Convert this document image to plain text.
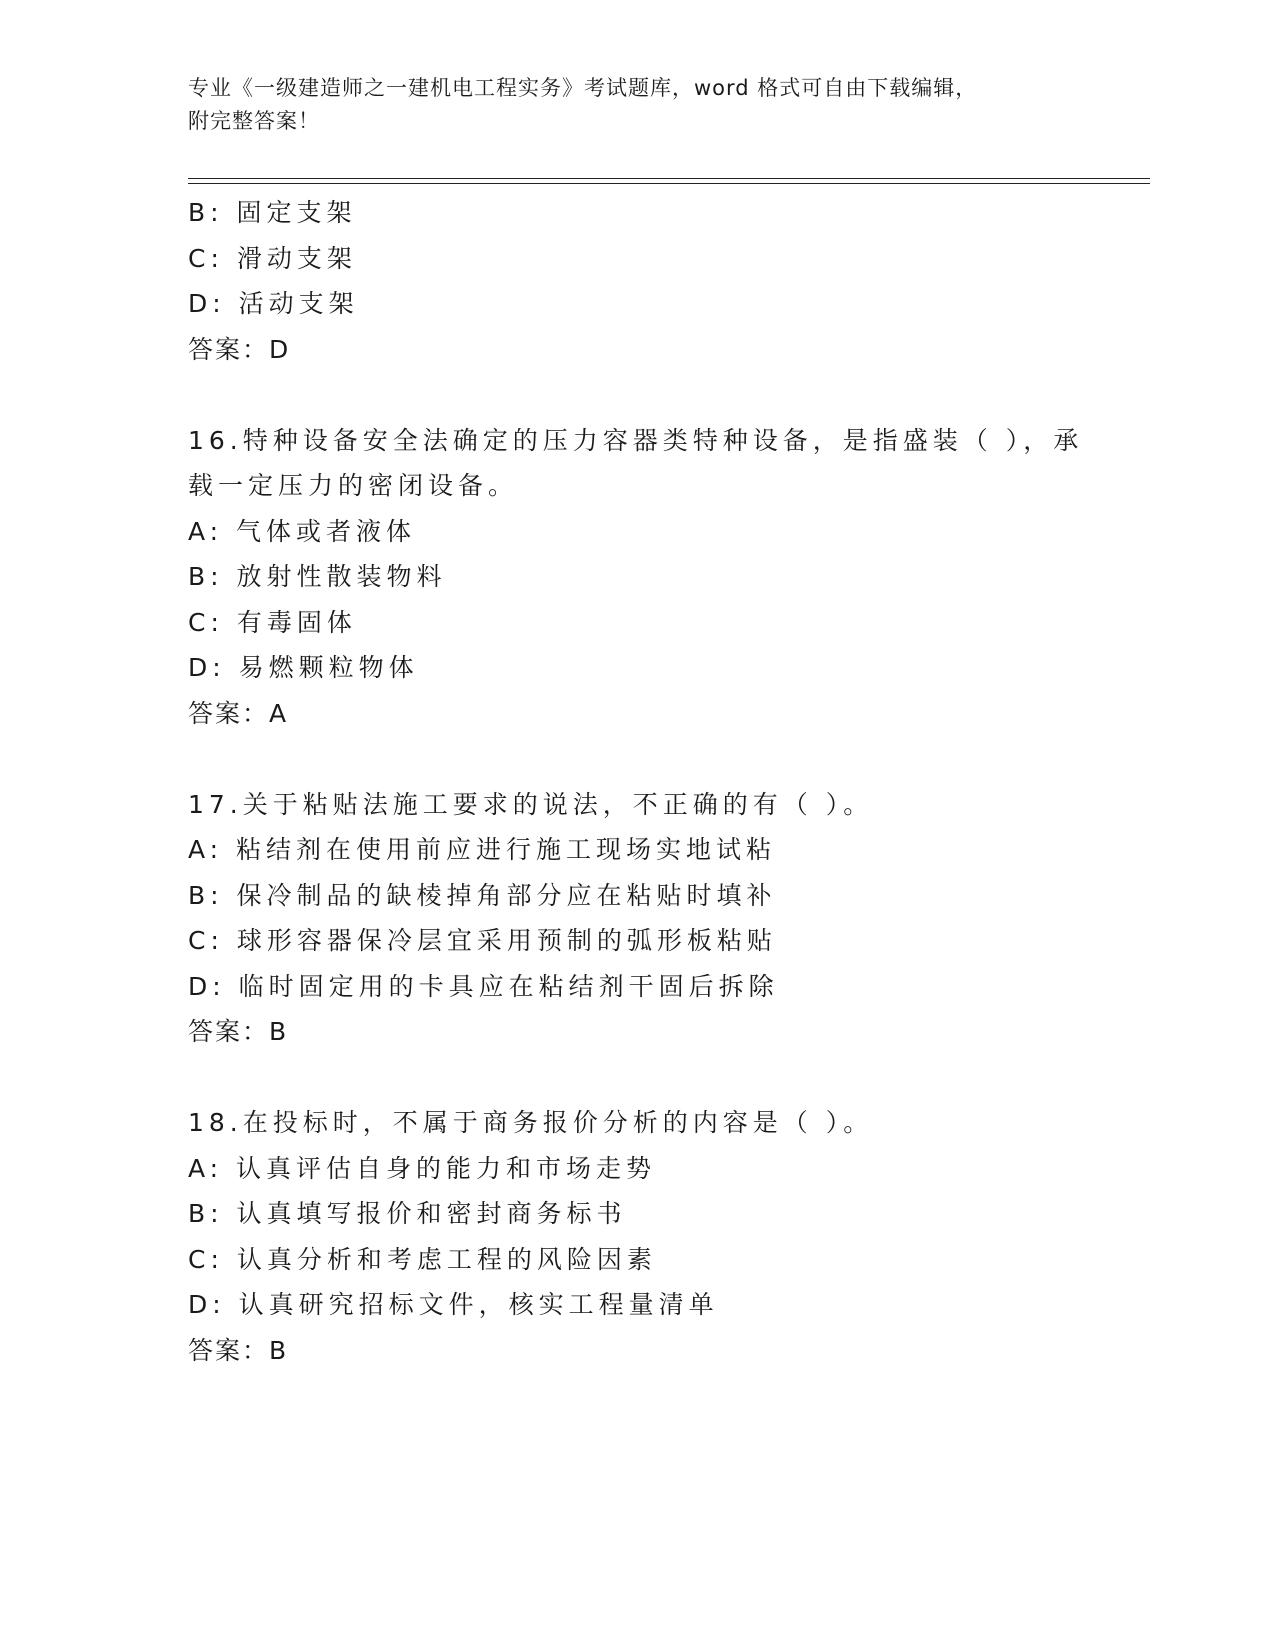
专业《一级建造师之一建机电工程实务》考试题库，word 格式可自由下载编辑，
附完整答案！
B: 固定支架
C: 滑动支架
D: 活动支架
答案：D
16.特种设备安全法确定的压力容器类特种设备，是指盛装（ ），承
载一定压力的密闭设备。
A: 气体或者液体
B: 放射性散装物料
C: 有毒固体
D: 易燃颗粒物体
答案：A
17.关于粘贴法施工要求的说法，不正确的有（ ）。
A: 粘结剂在使用前应进行施工现场实地试粘
B: 保冷制品的缺棱掉角部分应在粘贴时填补
C: 球形容器保冷层宜采用预制的弧形板粘贴
D: 临时固定用的卡具应在粘结剂干固后拆除
答案：B
18.在投标时，不属于商务报价分析的内容是（ ）。
A: 认真评估自身的能力和市场走势
B: 认真填写报价和密封商务标书
C: 认真分析和考虑工程的风险因素
D: 认真研究招标文件，核实工程量清单
答案：B
